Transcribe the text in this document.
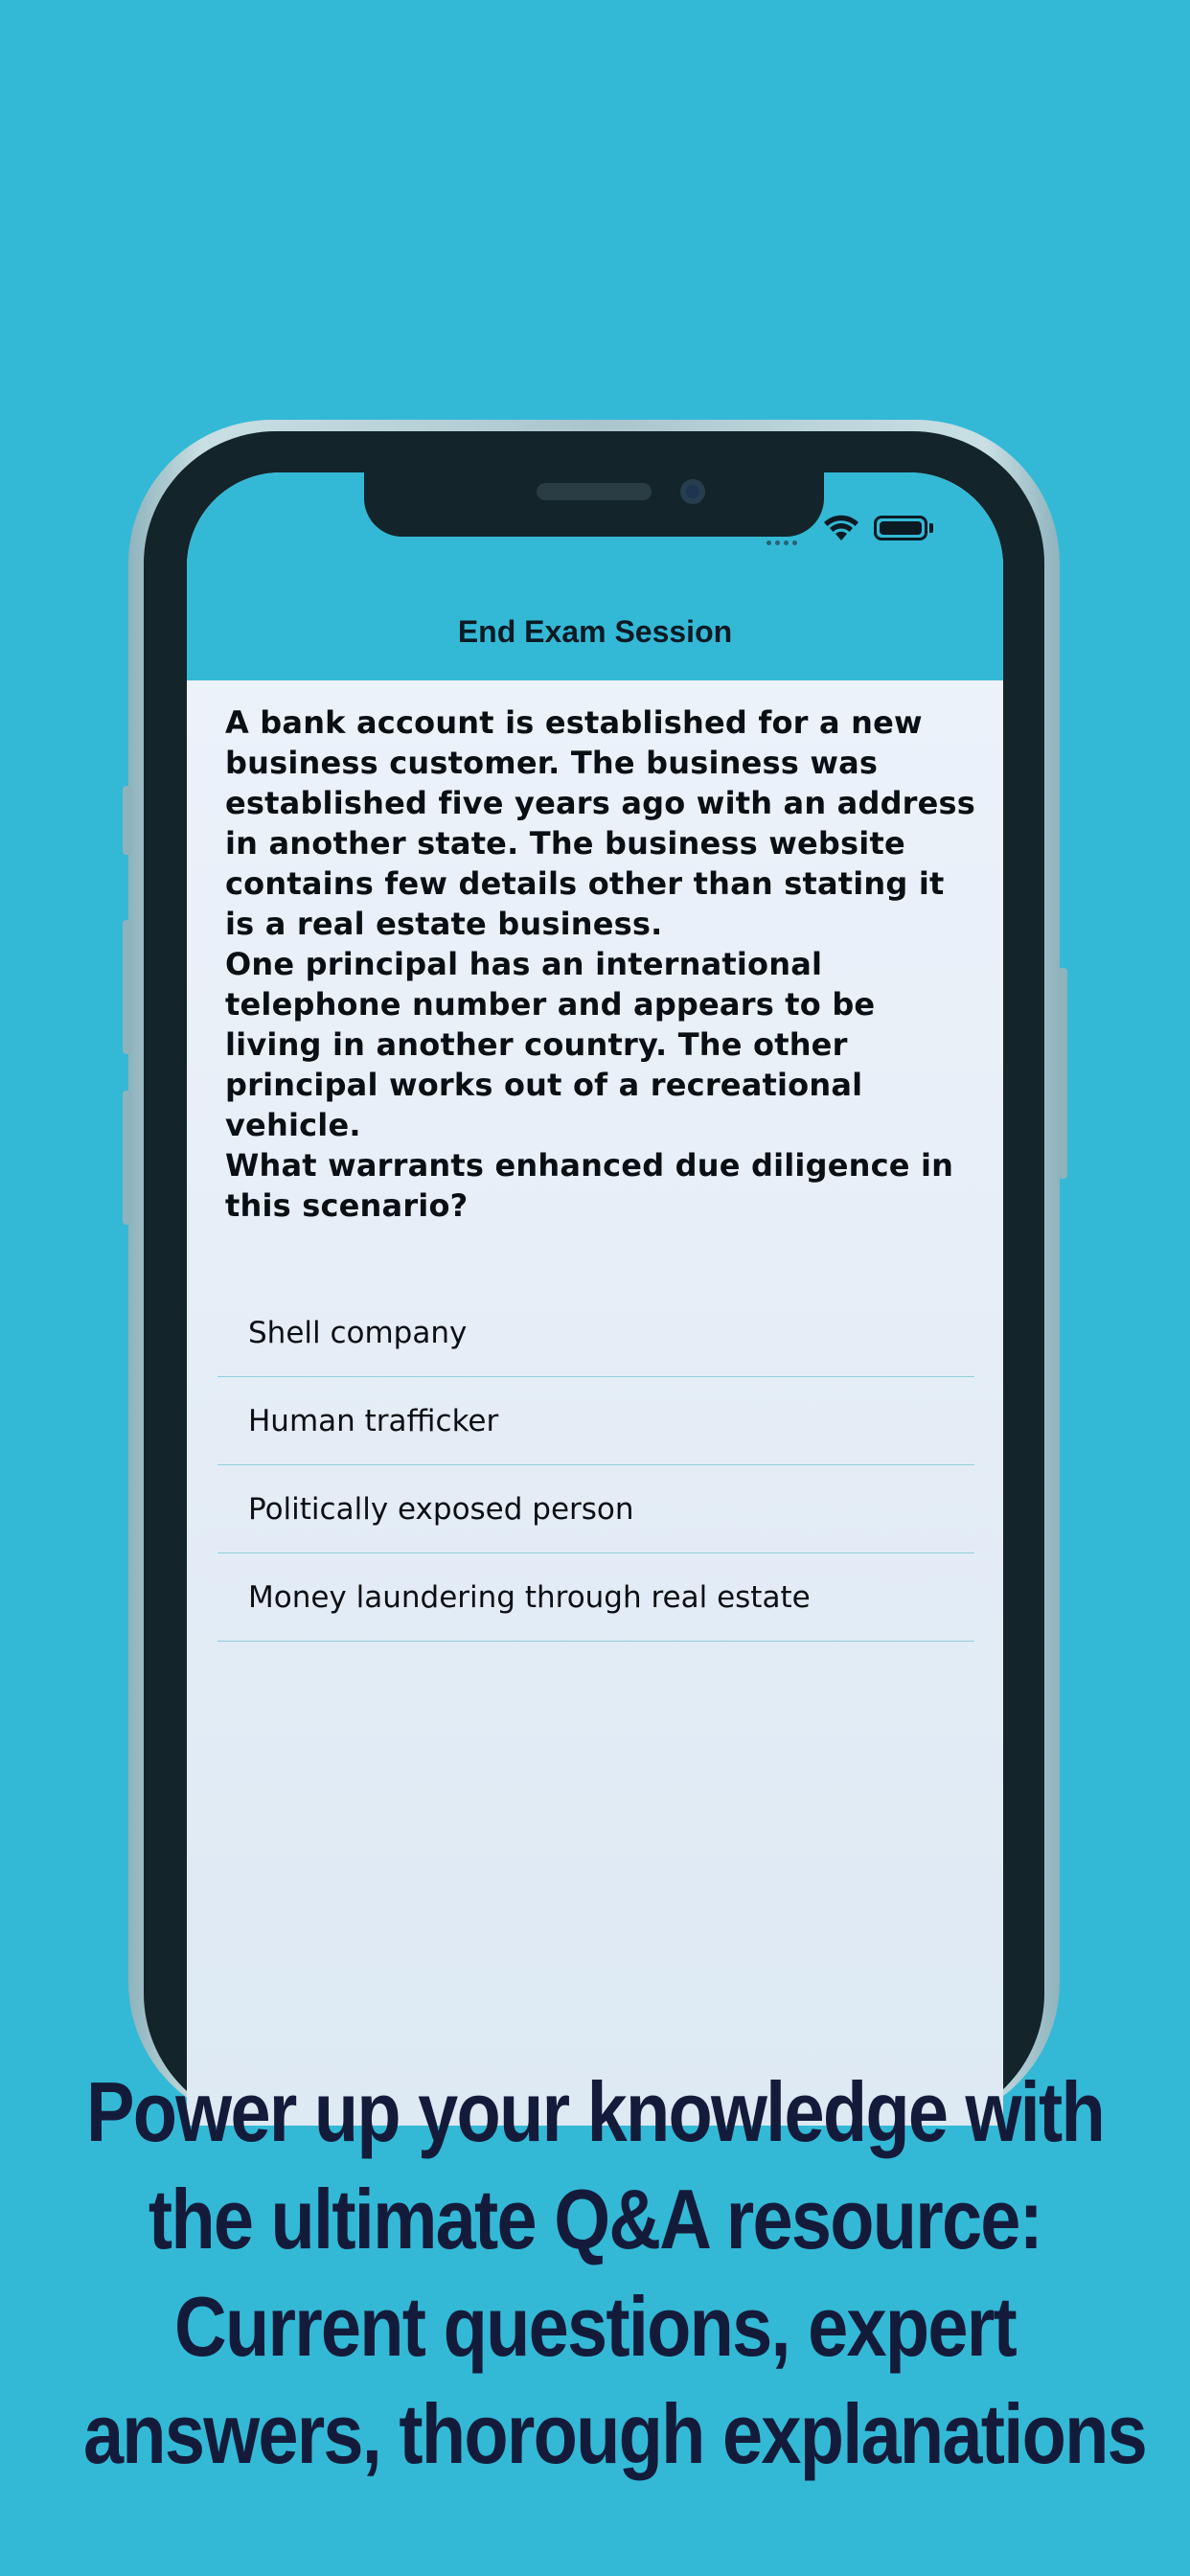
End Exam Session

A bank account is established for a new business customer. The business was established five years ago with an address in another state. The business website contains few details other than stating it is a real estate business.

One principal has an international telephone number and appears to be living in another country. The other principal works out of a recreational vehicle.

What warrants enhanced due diligence in this scenario?

Shell company
Human trafficker
Politically exposed person
Money laundering through real estate
Power up your knowledge with
the ultimate Q&A resource:
Current questions, expert
answers, thorough explanations
